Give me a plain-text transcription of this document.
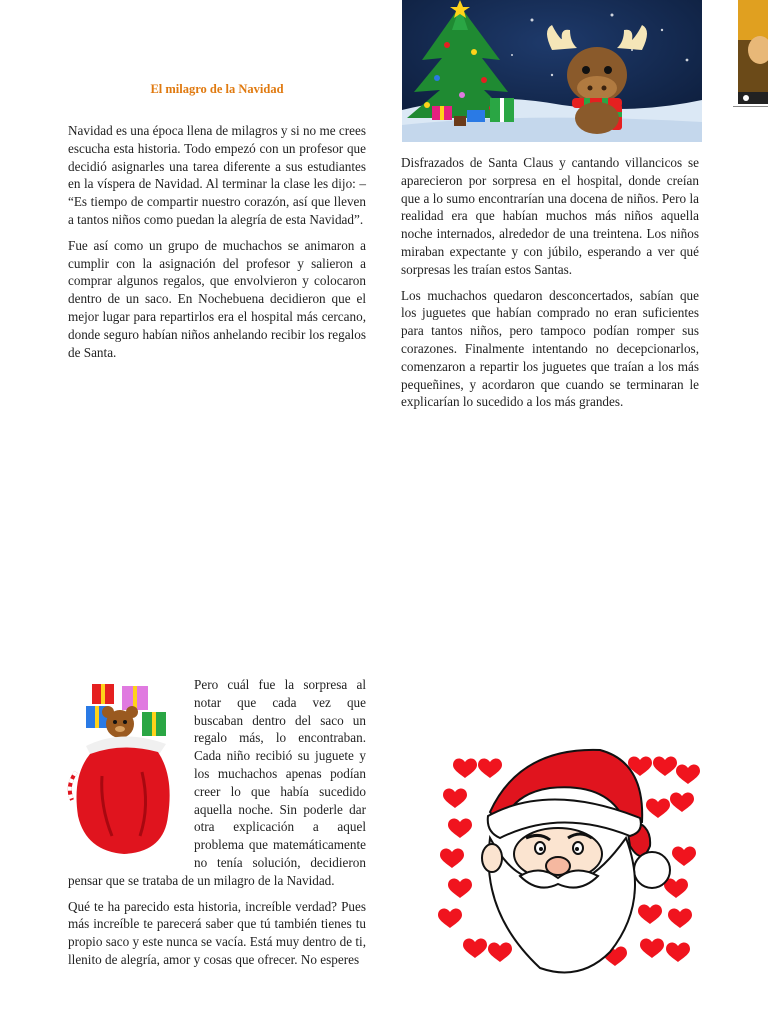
El milagro de la Navidad

Navidad es una época llena de milagros y si no me crees escucha esta historia. Todo empezó con un profesor que decidió asignarles una tarea diferente a sus estudiantes en la víspera de Navidad. Al terminar la clase les dijo: – “Es tiempo de compartir nuestro corazón, así que lleven a tantos niños como puedan la alegría de esta Navidad”.

Fue así como un grupo de muchachos se animaron a cumplir con la asignación del profesor y salieron a comprar algunos regalos, que envolvieron y colocaron dentro de un saco. En Nochebuena decidieron que el mejor lugar para repartirlos era el hospital más cercano, donde seguro habían niños anhelando recibir los regalos de Santa.

Disfrazados de Santa Claus y cantando villancicos se aparecieron por sorpresa en el hospital, donde creían que a lo sumo encontrarían una docena de niños. Pero la realidad era que habían muchos más niños aquella noche internados, alrededor de una treintena. Los niños miraban expectante y con júbilo, esperando a ver qué sorpresas les traían estos Santas.

Los muchachos quedaron desconcertados, sabían que los juguetes que habían comprado no eran suficientes para tantos niños, pero tampoco podían romper sus corazones. Finalmente intentando no decepcionarlos, comenzaron a repartir los juguetes que traían a los más pequeñines, y acordaron que cuando se terminaran le explicarían lo sucedido a los más grandes.

Pero cuál fue la sorpresa al notar que cada vez que buscaban dentro del saco un regalo más, lo encontraban. Cada niño recibió su juguete y los muchachos apenas podían creer lo que había sucedido aquella noche. Sin poderle dar otra explicación a aquel problema que matemáticamente no tenía solución, decidieron pensar que se trataba de un milagro de la Navidad.

Qué te ha parecido esta historia, increíble verdad? Pues más increíble te parecerá saber que tú también tienes tu propio saco y este nunca se vacía. Está muy dentro de ti, llenito de alegría, amor y cosas que ofrecer. No esperes
